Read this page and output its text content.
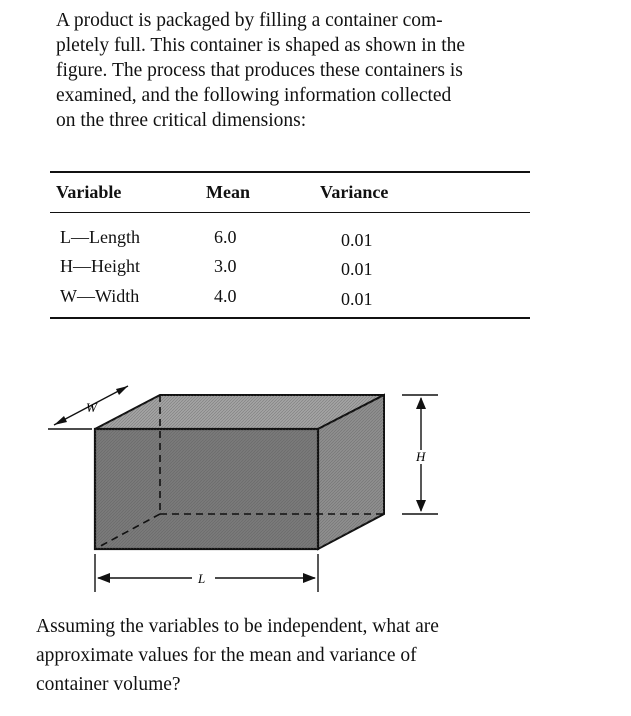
A product is packaged by filling a container com-
pletely full. This container is shaped as shown in the
figure. The process that produces these containers is
examined, and the following information collected
on the three critical dimensions:
Variable	Mean	Variance
L—Length	6.0	0.01
H—Height	3.0	0.01
W—Width	4.0	0.01
W
H
L
Assuming the variables to be independent, what are
approximate values for the mean and variance of
container volume?
